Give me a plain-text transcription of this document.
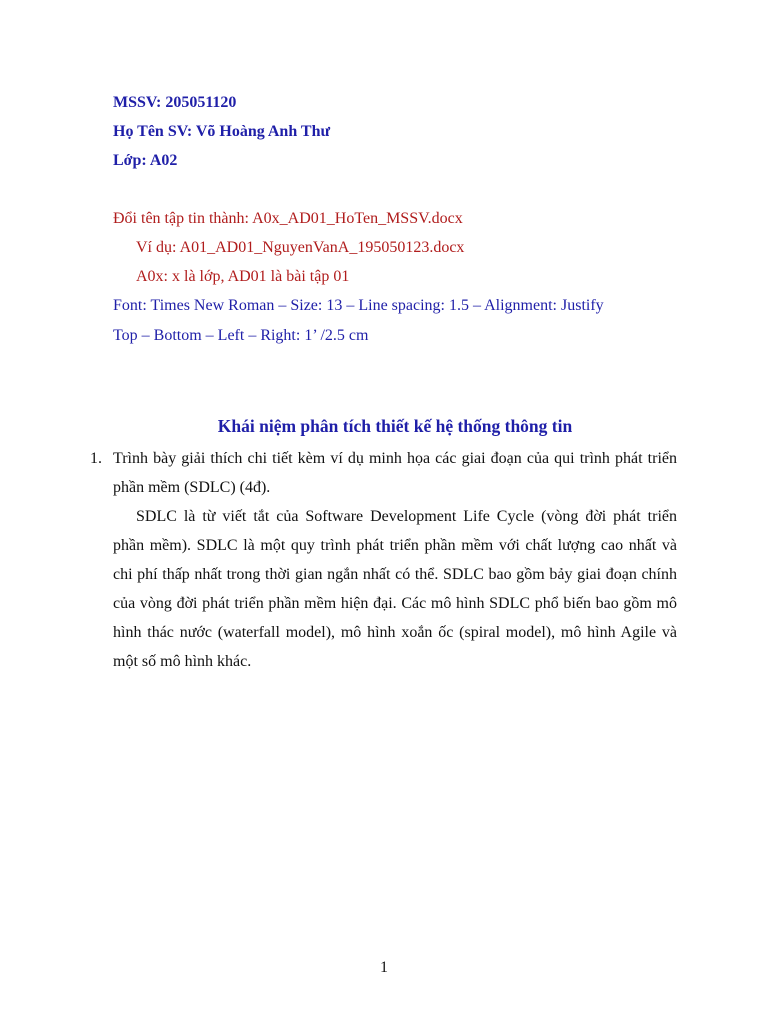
MSSV: 205051120
Họ Tên SV: Võ Hoàng Anh Thư
Lớp: A02
Đổi tên tập tin thành: A0x_AD01_HoTen_MSSV.docx
Ví dụ: A01_AD01_NguyenVanA_195050123.docx
A0x: x là lớp, AD01 là bài tập 01
Font: Times New Roman – Size: 13 – Line spacing: 1.5 – Alignment: Justify
Top – Bottom – Left – Right: 1’ /2.5 cm
Khái niệm phân tích thiết kế hệ thống thông tin
1. Trình bày giải thích chi tiết kèm ví dụ minh họa các giai đoạn của qui trình phát triển
phần mềm (SDLC) (4đ).
SDLC là từ viết tắt của Software Development Life Cycle (vòng đời phát triển
phần mềm). SDLC là một quy trình phát triển phần mềm với chất lượng cao nhất và
chi phí thấp nhất trong thời gian ngắn nhất có thể. SDLC bao gồm bảy giai đoạn chính
của vòng đời phát triển phần mềm hiện đại. Các mô hình SDLC phổ biến bao gồm mô
hình thác nước (waterfall model), mô hình xoắn ốc (spiral model), mô hình Agile và
một số mô hình khác.
1
